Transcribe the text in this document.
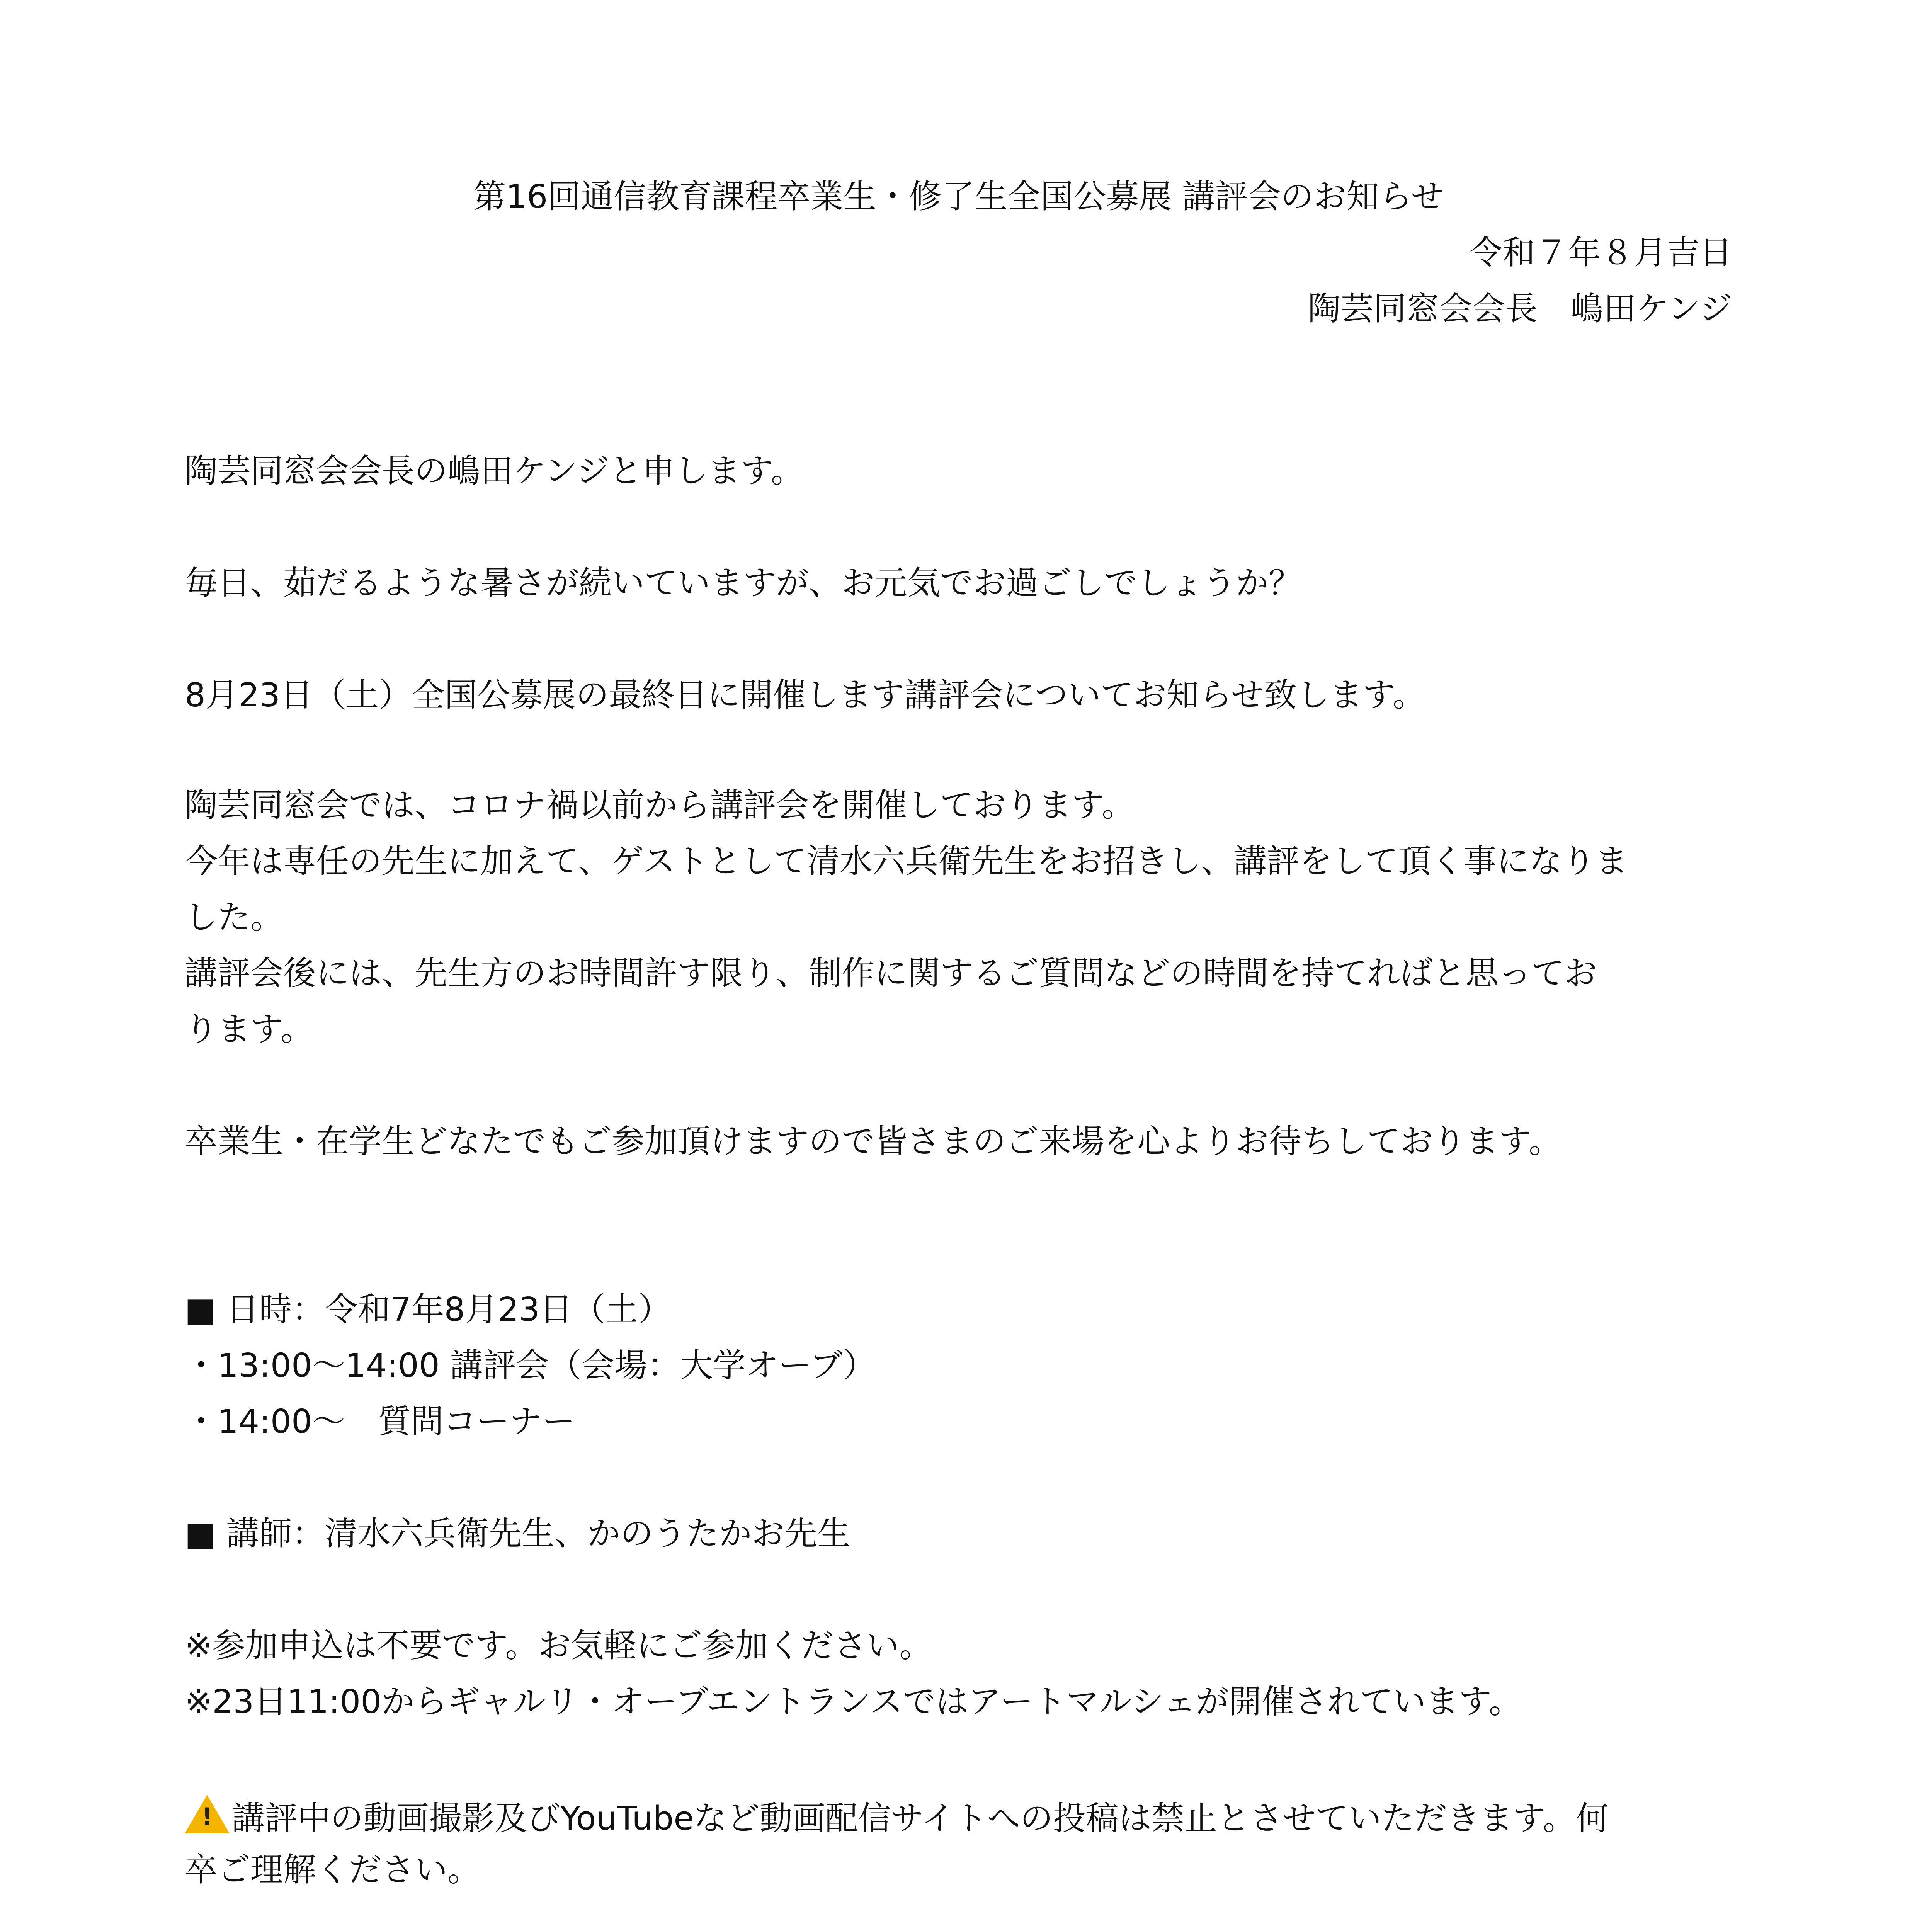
第16回通信教育課程卒業生・修了生全国公募展 講評会のお知らせ
令和７年８月吉日
陶芸同窓会会長　嶋田ケンジ
陶芸同窓会会長の嶋田ケンジと申します。
毎日、茹だるような暑さが続いていますが、お元気でお過ごしでしょうか？
8月23日（土）全国公募展の最終日に開催します講評会についてお知らせ致します。
陶芸同窓会では、コロナ禍以前から講評会を開催しております。
今年は専任の先生に加えて、ゲストとして清水六兵衛先生をお招きし、講評をして頂く事になりま
した。
講評会後には、先生方のお時間許す限り、制作に関するご質問などの時間を持てればと思ってお
ります。
卒業生・在学生どなたでもご参加頂けますので皆さまのご来場を心よりお待ちしております。
■ 日時：令和7年8月23日（土）
・13:00〜14:00 講評会（会場：大学オーブ）
・14:00〜　質問コーナー
■ 講師：清水六兵衛先生、かのうたかお先生
※参加申込は不要です。お気軽にご参加ください。
※23日11:00からギャルリ・オーブエントランスではアートマルシェが開催されています。
! 講評中の動画撮影及びYouTubeなど動画配信サイトへの投稿は禁止とさせていただきます。何
卒ご理解ください。
